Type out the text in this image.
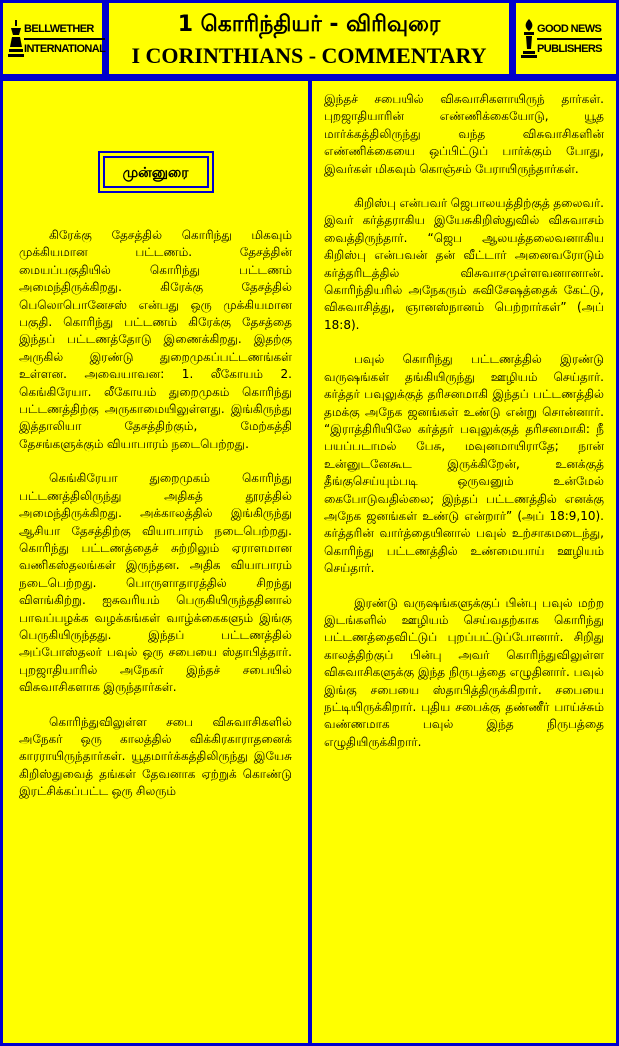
BELLWETHER
INTERNATIONAL
1 கொரிந்தியர் - விரிவுரை
I CORINTHIANS - COMMENTARY
GOOD NEWS
PUBLISHERS
முன்னுரை

கிரேக்கு தேசத்தில் கொரிந்து மிகவும் முக்கியமான பட்டணம். தேசத்தின் மையப்பகுதியில் கொரிந்து பட்டணம் அமைந்திருக்கிறது. கிரேக்கு தேசத்தில் பெலொபொனேசஸ் என்பது ஒரு முக்கியமான பகுதி. கொரிந்து பட்டணம் கிரேக்கு தேசத்தை இந்தப் பட்டணத்தோடு இணைக்கிறது. இதற்கு அருகில் இரண்டு துறைமுகப்பட்டணங்கள் உள்ளன. அவையாவன: 1. லீகோயம் 2. கெங்கிரேயா. லீகோயம் துறைமுகம் கொரிந்து பட்டணத்திற்கு அருகாமையிலுள்ளது. இங்கிருந்து இத்தாலியா தேசத்திற்கும், மேற்கத்தி தேசங்களுக்கும் வியாபாரம் நடைபெற்றது.

கெங்கிரேயா துறைமுகம் கொரிந்து பட்டணத்திலிருந்து அதிகத் தூரத்தில் அமைந்திருக்கிறது. அக்காலத்தில் இங்கிருந்து ஆசியா தேசத்திற்கு வியாபாரம் நடைபெற்றது. கொரிந்து பட்டணத்தைச் சுற்றிலும் ஏராளமான வணிகஸ்தலங்கள் இருந்தன. அதிக வியாபாரம் நடைபெற்றது. பொருளாதாரத்தில் சிறந்து விளங்கிற்று. ஐசுவரியம் பெருகியிருந்ததினால் பாவப்பழக்க வழக்கங்கள் வாழ்க்கைகளும் இங்கு பெருகியிருந்தது. இந்தப் பட்டணத்தில் அப்போஸ்தலர் பவுல் ஒரு சபையை ஸ்தாபித்தார். புறஜாதியாரில் அநேகர் இந்தச் சபையில் விசுவாசிகளாக இருந்தார்கள்.

கொரிந்துவிலுள்ள சபை விசுவாசிகளில் அநேகர் ஒரு காலத்தில் விக்கிரகாராதனைக் காரராயிருந்தார்கள். யூதமார்க்கத்திலிருந்து இயேசு கிறிஸ்துவைத் தங்கள் தேவனாக ஏற்றுக் கொண்டு இரட்சிக்கப்பட்ட ஒரு சிலரும்

இந்தச் சபையில் விசுவாசிகளாயிருந் தார்கள். புறஜாதியாரின் எண்ணிக்கையோடு, யூத மார்க்கத்திலிருந்து வந்த விசுவாசிகளின் எண்ணிக்கையை ஒப்பிட்டுப் பார்க்கும் போது, இவர்கள் மிகவும் கொஞ்சம் பேராயிருந்தார்கள்.

கிறிஸ்பு என்பவர் ஜெபாலயத்திற்குத் தலைவர். இவர் கர்த்தராகிய இயேசுகிறிஸ்துவில் விசுவாசம் வைத்திருந்தார். “ஜெப ஆலயத்தலைவனாகிய கிறிஸ்பு என்பவன் தன் வீட்டார் அனைவரோடும் கர்த்தரிடத்தில் விசுவாசமுள்ளவனானான். கொரிந்தியரில் அநேகரும் சுவிசேஷத்தைக் கேட்டு, விசுவாசித்து, ஞானஸ்நானம் பெற்றார்கள்” (அப் 18:8).

பவுல் கொரிந்து பட்டணத்தில் இரண்டு வருஷங்கள் தங்கியிருந்து ஊழியம் செய்தார். கர்த்தர் பவுலுக்குத் தரிசனமாகி இந்தப் பட்டணத்தில் தமக்கு அநேக ஜனங்கள் உண்டு என்று சொன்னார். “இராத்திரியிலே கர்த்தர் பவுலுக்குத் தரிசனமாகி: நீ பயப்படாமல் பேசு, மவுனமாயிராதே; நான் உன்னுடனேகூட இருக்கிறேன், உனக்குத் தீங்குசெய்யும்படி ஒருவனும் உன்மேல் கைபோடுவதில்லை; இந்தப் பட்டணத்தில் எனக்கு அநேக ஜனங்கள் உண்டு என்றார்” (அப் 18:9,10). கர்த்தரின் வார்த்தையினால் பவுல் உற்சாகமடைந்து, கொரிந்து பட்டணத்தில் உண்மையாய் ஊழியம் செய்தார்.

இரண்டு வருஷங்களுக்குப் பின்பு பவுல் மற்ற இடங்களில் ஊழியம் செய்வதற்காக கொரிந்து பட்டணத்தைவிட்டுப் புறப்பட்டுப்போனார். சிறிது காலத்திற்குப் பின்பு அவர் கொரிந்துவிலுள்ள விசுவாசிகளுக்கு இந்த நிருபத்தை எழுதினார். பவுல் இங்கு சபையை ஸ்தாபித்திருக்கிறார். சபையை நட்டியிருக்கிறார். புதிய சபைக்கு தண்ணீர் பாய்ச்சும் வண்ணமாக பவுல் இந்த நிருபத்தை எழுதியிருக்கிறார்.
